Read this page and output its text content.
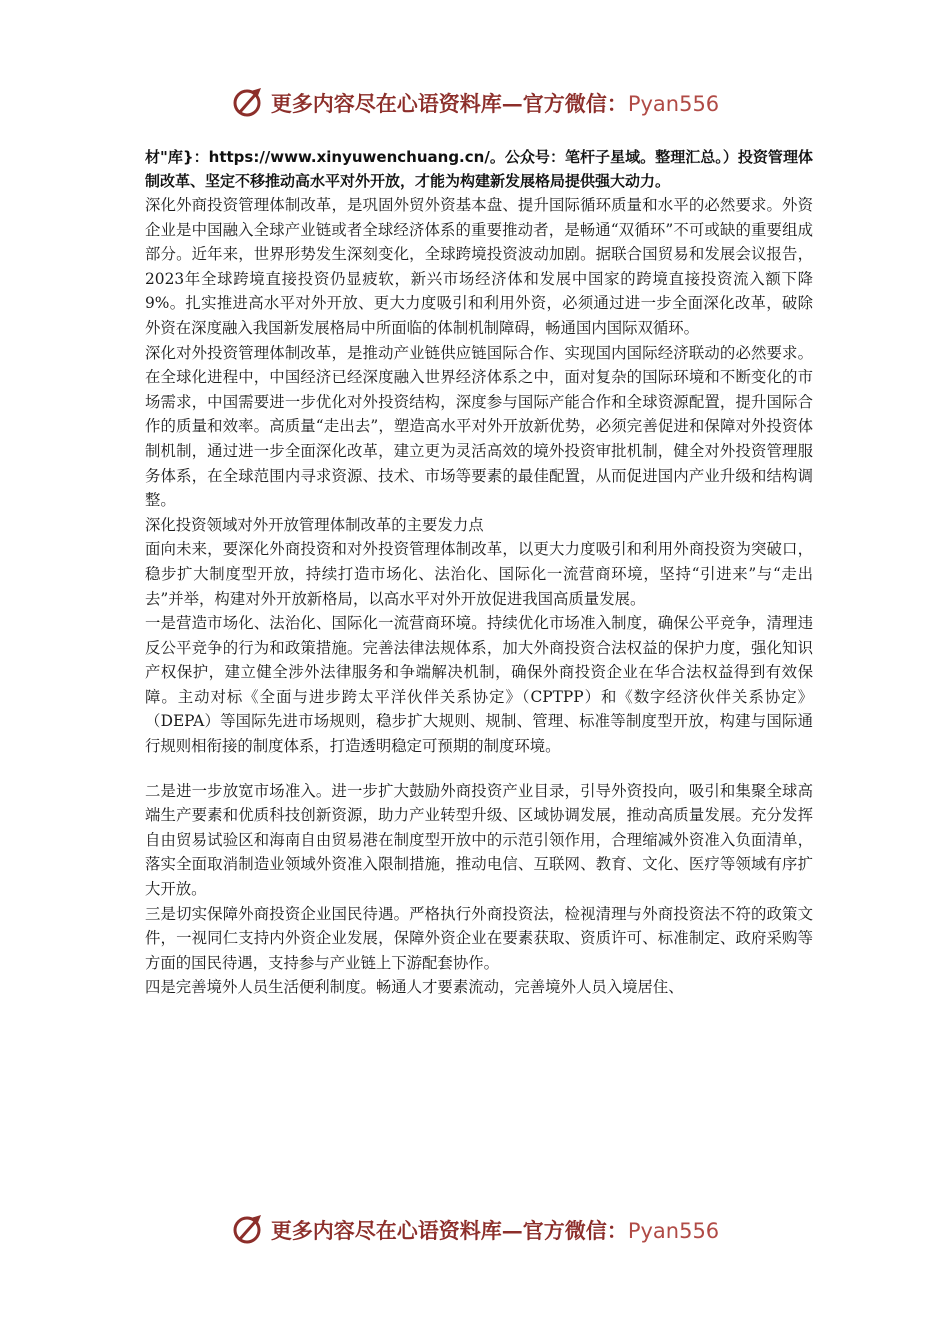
更多内容尽在心语资料库—官方微信：Pyan556

材"库}：https://www.xinyuwenchuang.cn/。公众号：笔杆子星域。整理汇总。）投资管理体制改革、坚定不移推动高水平对外开放，才能为构建新发展格局提供强大动力。

深化外商投资管理体制改革，是巩固外贸外资基本盘、提升国际循环质量和水平的必然要求。外资企业是中国融入全球产业链或者全球经济体系的重要推动者，是畅通“双循环”不可或缺的重要组成部分。近年来，世界形势发生深刻变化，全球跨境投资波动加剧。据联合国贸易和发展会议报告，2023年全球跨境直接投资仍显疲软，新兴市场经济体和发展中国家的跨境直接投资流入额下降9%。扎实推进高水平对外开放、更大力度吸引和利用外资，必须通过进一步全面深化改革，破除外资在深度融入我国新发展格局中所面临的体制机制障碍，畅通国内国际双循环。

深化对外投资管理体制改革，是推动产业链供应链国际合作、实现国内国际经济联动的必然要求。在全球化进程中，中国经济已经深度融入世界经济体系之中，面对复杂的国际环境和不断变化的市场需求，中国需要进一步优化对外投资结构，深度参与国际产能合作和全球资源配置，提升国际合作的质量和效率。高质量“走出去”，塑造高水平对外开放新优势，必须完善促进和保障对外投资体制机制，通过进一步全面深化改革，建立更为灵活高效的境外投资审批机制，健全对外投资管理服务体系，在全球范围内寻求资源、技术、市场等要素的最佳配置，从而促进国内产业升级和结构调整。

深化投资领域对外开放管理体制改革的主要发力点

面向未来，要深化外商投资和对外投资管理体制改革，以更大力度吸引和利用外商投资为突破口，稳步扩大制度型开放，持续打造市场化、法治化、国际化一流营商环境，坚持“引进来”与“走出去”并举，构建对外开放新格局，以高水平对外开放促进我国高质量发展。

一是营造市场化、法治化、国际化一流营商环境。持续优化市场准入制度，确保公平竞争，清理违反公平竞争的行为和政策措施。完善法律法规体系，加大外商投资合法权益的保护力度，强化知识产权保护，建立健全涉外法律服务和争端解决机制，确保外商投资企业在华合法权益得到有效保障。主动对标《全面与进步跨太平洋伙伴关系协定》（CPTPP）和《数字经济伙伴关系协定》（DEPA）等国际先进市场规则，稳步扩大规则、规制、管理、标准等制度型开放，构建与国际通行规则相衔接的制度体系，打造透明稳定可预期的制度环境。

二是进一步放宽市场准入。进一步扩大鼓励外商投资产业目录，引导外资投向，吸引和集聚全球高端生产要素和优质科技创新资源，助力产业转型升级、区域协调发展，推动高质量发展。充分发挥自由贸易试验区和海南自由贸易港在制度型开放中的示范引领作用，合理缩减外资准入负面清单，落实全面取消制造业领域外资准入限制措施，推动电信、互联网、教育、文化、医疗等领域有序扩大开放。

三是切实保障外商投资企业国民待遇。严格执行外商投资法，检视清理与外商投资法不符的政策文件，一视同仁支持内外资企业发展，保障外资企业在要素获取、资质许可、标准制定、政府采购等方面的国民待遇，支持参与产业链上下游配套协作。

四是完善境外人员生活便利制度。畅通人才要素流动，完善境外人员入境居住、

更多内容尽在心语资料库—官方微信：Pyan556
